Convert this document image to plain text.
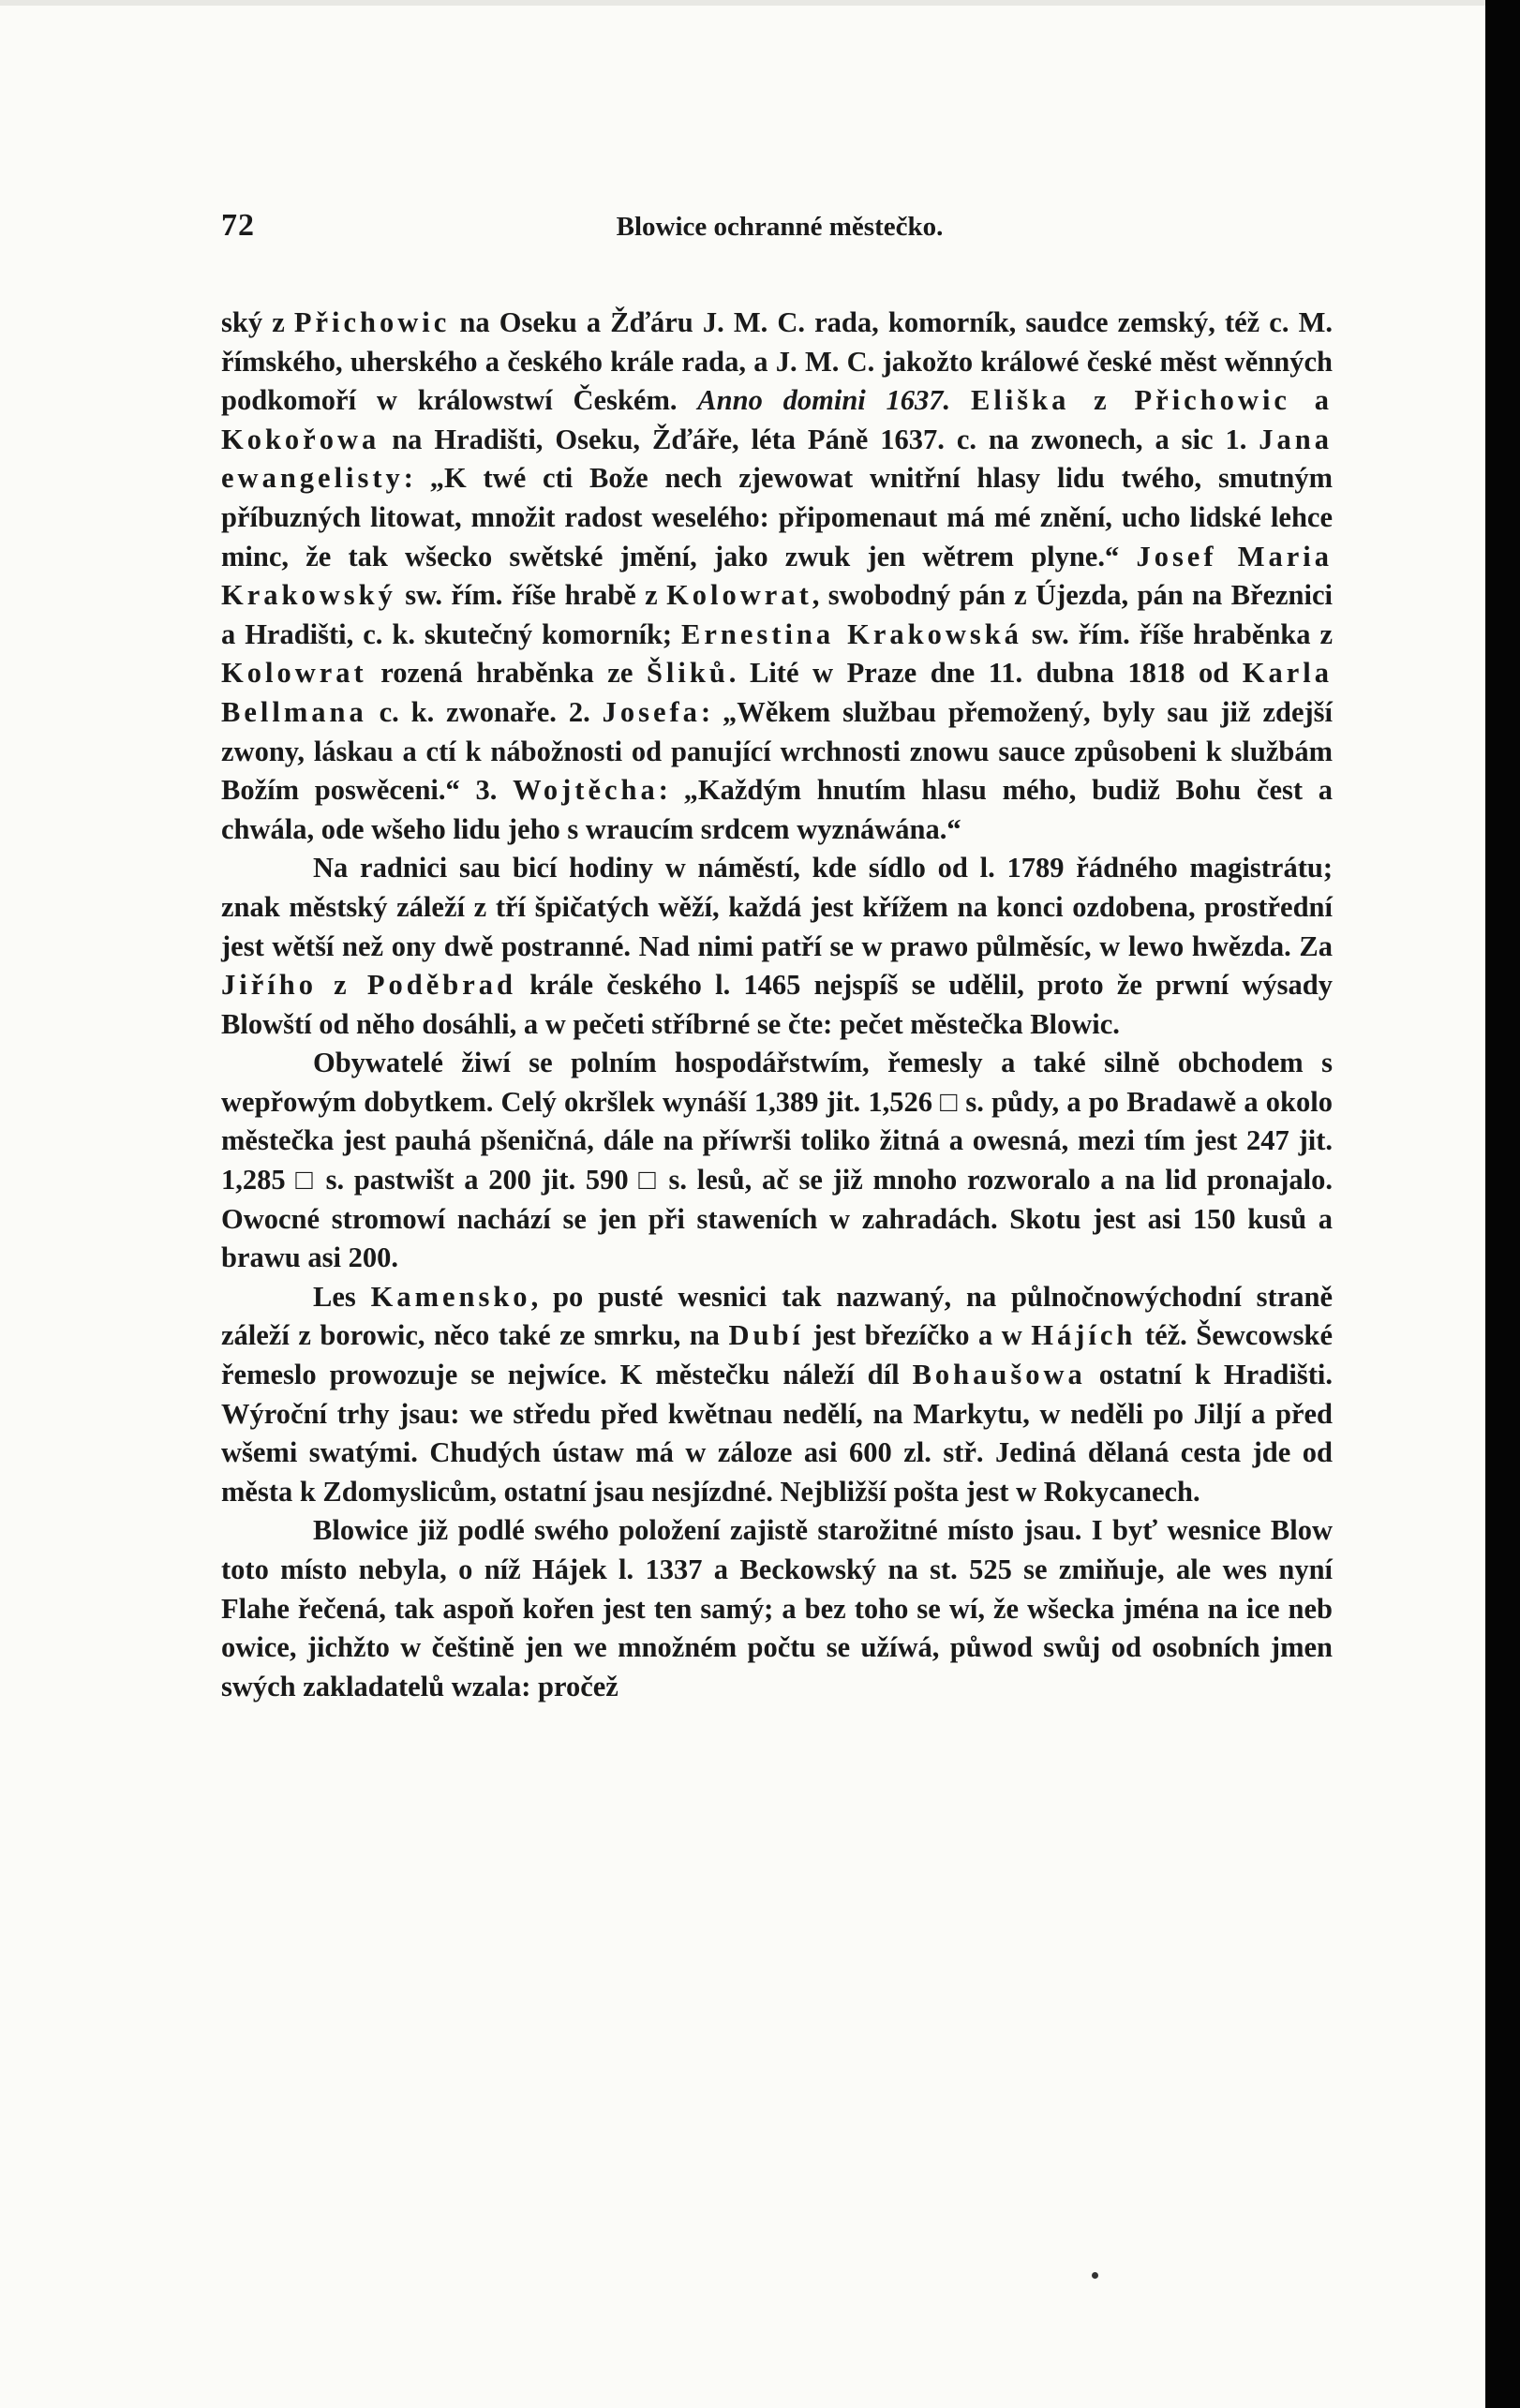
72	Blowice ochranné městečko.

ský z Přichowic na Oseku a Žďáru J. M. C. rada, komorník, saudce zemský, též c. M. římského, uherského a českého krále rada, a J. M. C. jakožto králowé české měst wěnných podkomoří w králowstwí Českém. Anno domini 1637. Eliška z Přichowic a Kokořowa na Hradišti, Oseku, Žďáře, léta Páně 1637. c. na zwonech, a sic 1. Jana ewangelisty: „K twé cti Bože nech zjewowat wnitřní hlasy lidu twého, smutným příbuzných litowat, množit radost weselého: připomenaut má mé znění, ucho lidské lehce minc, že tak wšecko swětské jmění, jako zwuk jen wětrem plyne.“ Josef Maria Krakowský sw. řím. říše hrabě z Kolowrat, swobodný pán z Újezda, pán na Březnici a Hradišti, c. k. skutečný komorník; Ernestina Krakowská sw. řím. říše hraběnka z Kolowrat rozená hraběnka ze Šliků. Lité w Praze dne 11. dubna 1818 od Karla Bellmana c. k. zwonaře. 2. Josefa: „Wěkem službau přemožený, byly sau již zdejší zwony, láskau a ctí k nábožnosti od panující wrchnosti znowu sauce způsobeni k službám Božím poswěceni.“ 3. Wojtěcha: „Každým hnutím hlasu mého, budiž Bohu čest a chwála, ode wšeho lidu jeho s wraucím srdcem wyznáwána.“

Na radnici sau bicí hodiny w náměstí, kde sídlo od l. 1789 řádného magistrátu; znak městský záleží z tří špičatých wěží, každá jest křížem na konci ozdobena, prostřední jest wětší než ony dwě postranné. Nad nimi patří se w prawo půlměsíc, w lewo hwězda. Za Jiřího z Poděbrad krále českého l. 1465 nejspíš se udělil, proto že prwní wýsady Blowští od něho dosáhli, a w pečeti stříbrné se čte: pečet městečka Blowic.

Obywatelé žiwí se polním hospodářstwím, řemesly a také silně obchodem s wepřowým dobytkem. Celý okršlek wynáší 1,389 jit. 1,526 □ s. půdy, a po Bradawě a okolo městečka jest pauhá pšeničná, dále na příwrši toliko žitná a owesná, mezi tím jest 247 jit. 1,285 □ s. pastwišt a 200 jit. 590 □ s. lesů, ač se již mnoho rozworalo a na lid pronajalo. Owocné stromowí nachází se jen při staweních w zahradách. Skotu jest asi 150 kusů a brawu asi 200.

Les Kamensko, po pusté wesnici tak nazwaný, na půlnočnowýchodní straně záleží z borowic, něco také ze smrku, na Dubí jest březíčko a w Hájích též. Šewcowské řemeslo prowozuje se nejwíce. K městečku náleží díl Bohaušowa ostatní k Hradišti. Wýroční trhy jsau: we středu před kwětnau nedělí, na Markytu, w neděli po Jiljí a před wšemi swatými. Chudých ústaw má w záloze asi 600 zl. stř. Jediná dělaná cesta jde od města k Zdomyslicům, ostatní jsau nesjízdné. Nejbližší pošta jest w Rokycanech.

Blowice již podlé swého položení zajistě starožitné místo jsau. I byť wesnice Blow toto místo nebyla, o níž Hájek l. 1337 a Beckowský na st. 525 se zmiňuje, ale wes nyní Flahe řečená, tak aspoň kořen jest ten samý; a bez toho se wí, že wšecka jména na ice neb owice, jichžto w češtině jen we množném počtu se užíwá, půwod swůj od osobních jmen swých zakladatelů wzala: pročež
